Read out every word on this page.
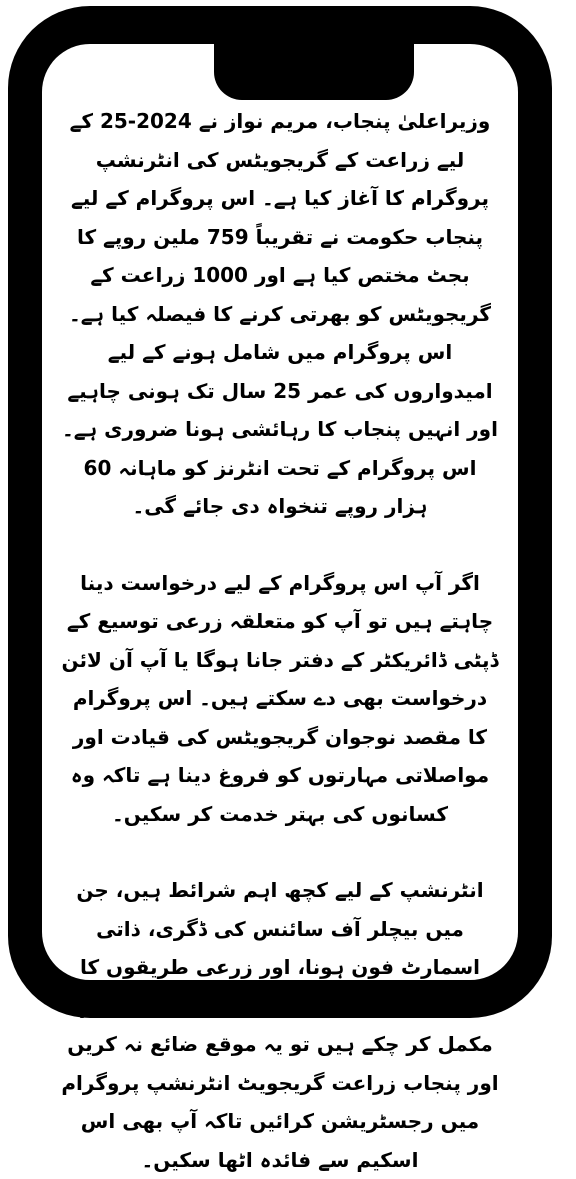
وزیراعلیٰ پنجاب، مریم نواز نے 2024-25 کے لیے زراعت کے گریجویٹس کی انٹرنشپ پروگرام کا آغاز کیا ہے۔ اس پروگرام کے لیے پنجاب حکومت نے تقریباً 759 ملین روپے کا بجٹ مختص کیا ہے اور 1000 زراعت کے گریجویٹس کو بھرتی کرنے کا فیصلہ کیا ہے۔ اس پروگرام میں شامل ہونے کے لیے امیدواروں کی عمر 25 سال تک ہونی چاہیے اور انہیں پنجاب کا رہائشی ہونا ضروری ہے۔ اس پروگرام کے تحت انٹرنز کو ماہانہ 60 ہزار روپے تنخواہ دی جائے گی۔

اگر آپ اس پروگرام کے لیے درخواست دینا چاہتے ہیں تو آپ کو متعلقہ زرعی توسیع کے ڈپٹی ڈائریکٹر کے دفتر جانا ہوگا یا آپ آن لائن درخواست بھی دے سکتے ہیں۔ اس پروگرام کا مقصد نوجوان گریجویٹس کی قیادت اور مواصلاتی مہارتوں کو فروغ دینا ہے تاکہ وہ کسانوں کی بہتر خدمت کر سکیں۔

انٹرنشپ کے لیے کچھ اہم شرائط ہیں، جن میں بیچلر آف سائنس کی ڈگری، ذاتی اسمارٹ فون ہونا، اور زرعی طریقوں کا اچھی طرح علم شامل ہیں۔ اگر آپ تعلیم مکمل کر چکے ہیں تو یہ موقع ضائع نہ کریں اور پنجاب زراعت گریجویٹ انٹرنشپ پروگرام میں رجسٹریشن کرائیں تاکہ آپ بھی اس اسکیم سے فائدہ اٹھا سکیں۔
